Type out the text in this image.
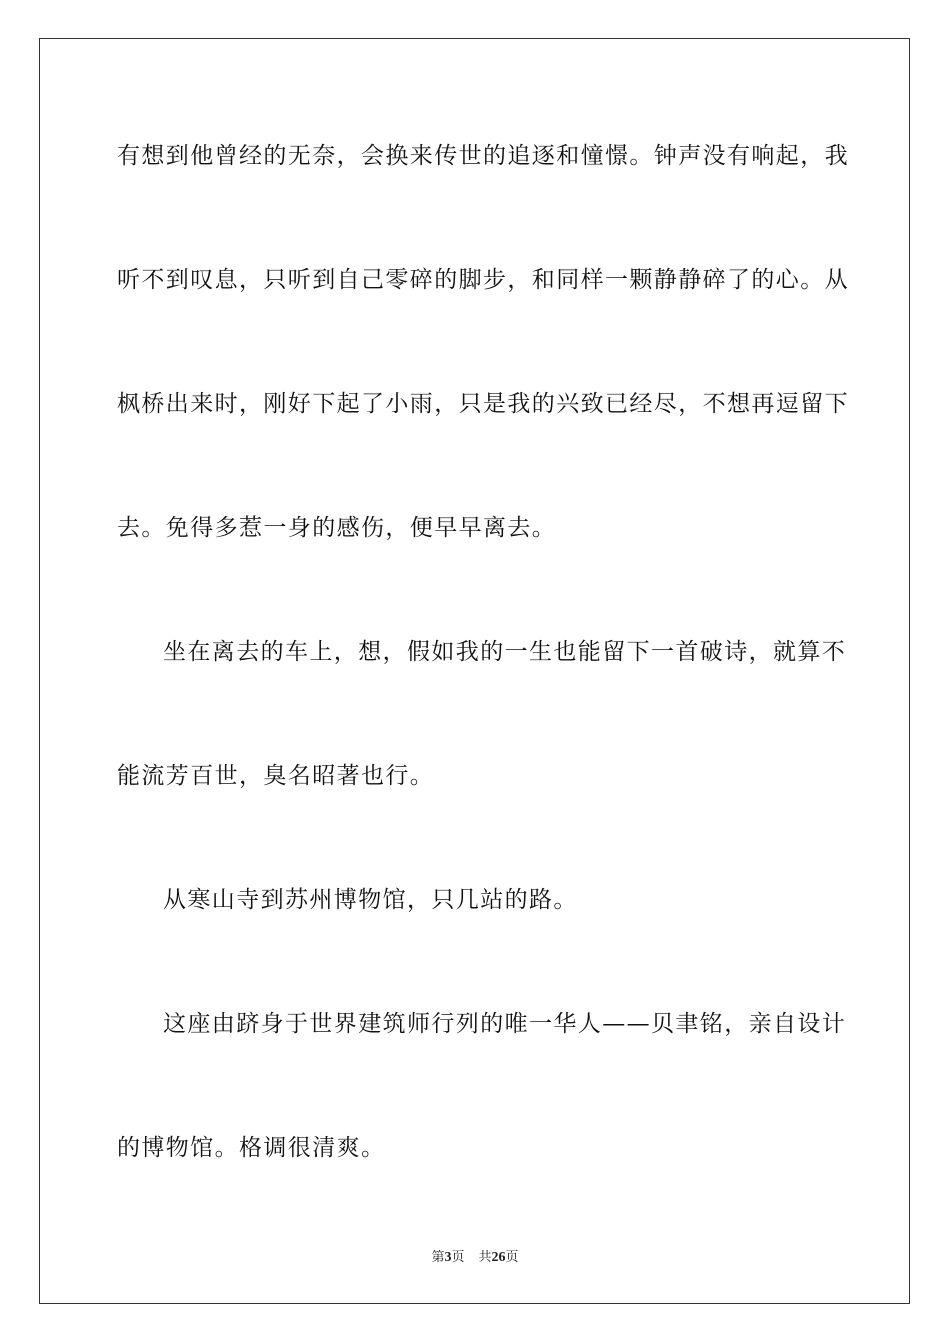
有想到他曾经的无奈，会换来传世的追逐和憧憬。钟声没有响起，我
听不到叹息，只听到自己零碎的脚步，和同样一颗静静碎了的心。从
枫桥出来时，刚好下起了小雨，只是我的兴致已经尽，不想再逗留下
去。免得多惹一身的感伤，便早早离去。
坐在离去的车上，想，假如我的一生也能留下一首破诗，就算不
能流芳百世，臭名昭著也行。
从寒山寺到苏州博物馆，只几站的路。
这座由跻身于世界建筑师行列的唯一华人——贝聿铭，亲自设计
的博物馆。格调很清爽。
第3页 共26页
